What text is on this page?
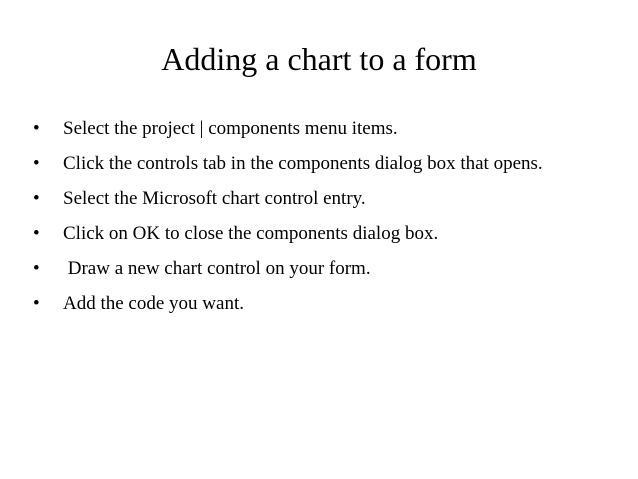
Adding a chart to a form
•	Select the project | components menu items.
•	Click the controls tab in the components dialog box that opens.
•	Select the Microsoft chart control entry.
•	Click on OK to close the components dialog box.
•	Draw a new chart control on your form.
•	Add the code you want.
